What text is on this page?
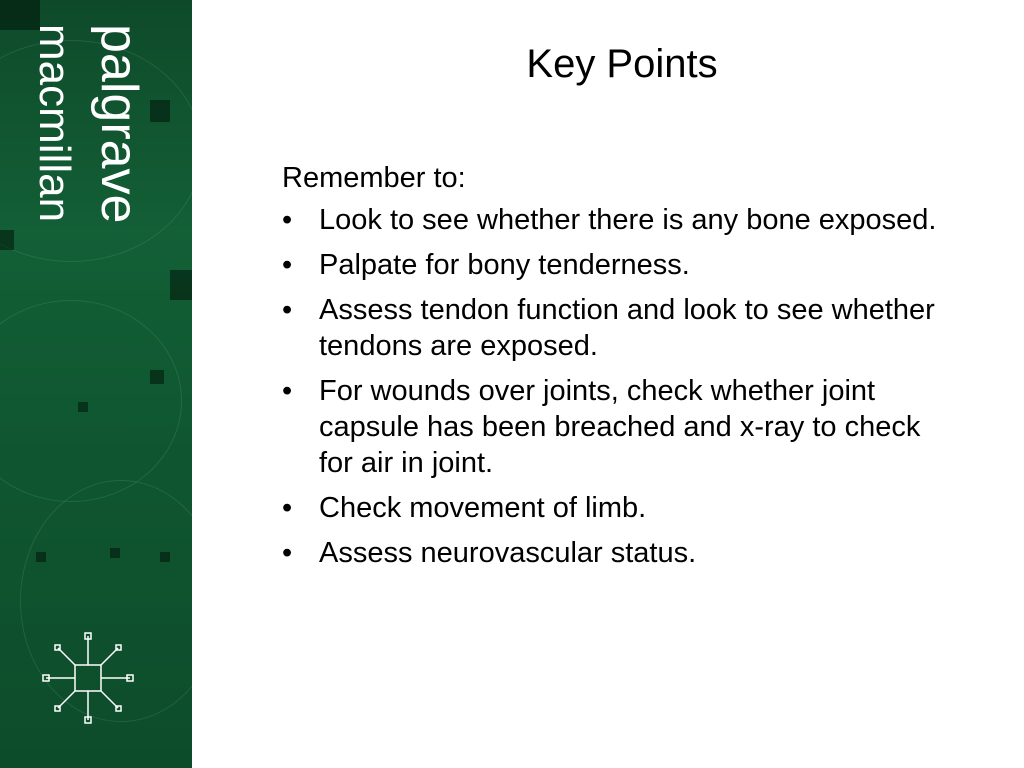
palgrave
macmillan	Key Points

Remember to:

• Look to see whether there is any bone exposed.
• Palpate for bony tenderness.
• Assess tendon function and look to see whether tendons are exposed.
• For wounds over joints, check whether joint capsule has been breached and x-ray to check for air in joint.
• Check movement of limb.
• Assess neurovascular status.
